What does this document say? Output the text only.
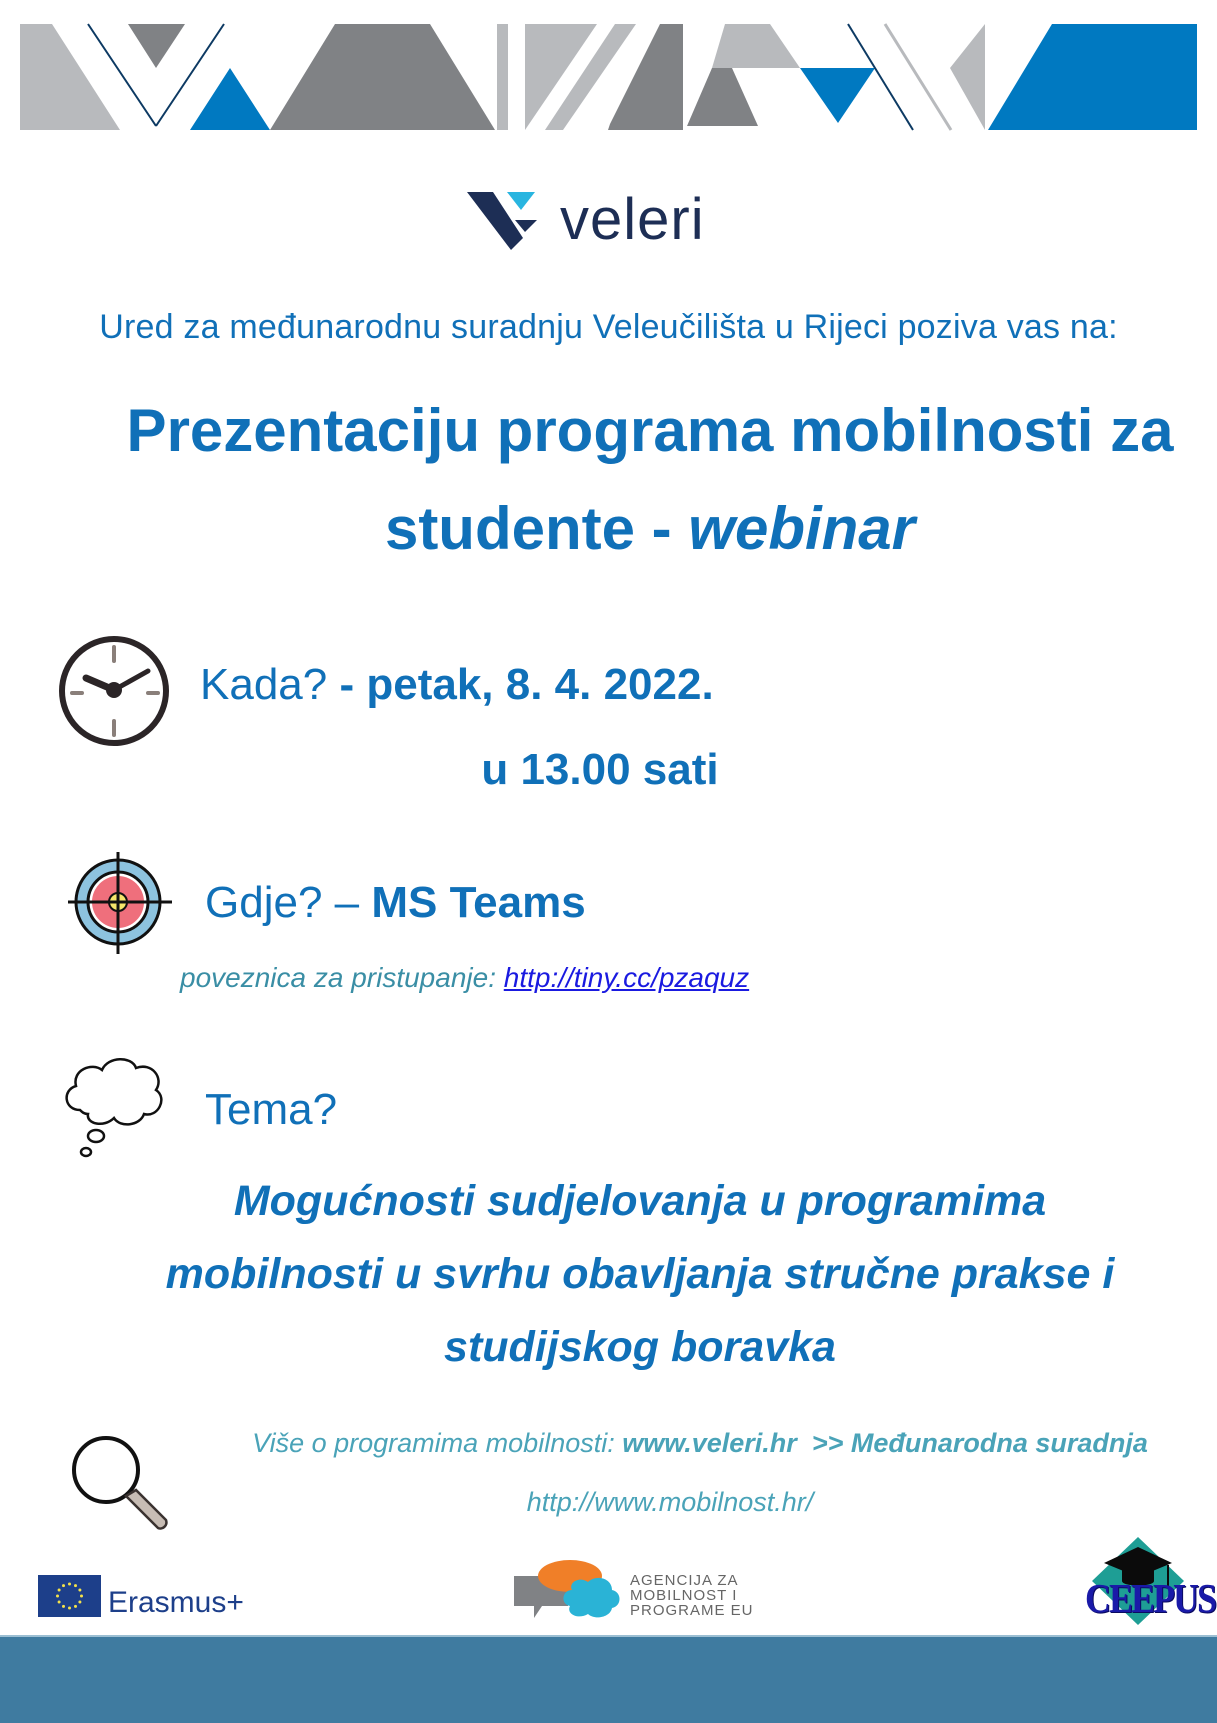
veleri
Ured za međunarodnu suradnju Veleučilišta u Rijeci poziva vas na:
Prezentaciju programa mobilnosti za
studente - webinar
Kada? - petak, 8. 4. 2022.
u 13.00 sati
Gdje? – MS Teams
poveznica za pristupanje: http://tiny.cc/pzaquz
Tema?
Mogućnosti sudjelovanja u programima
mobilnosti u svrhu obavljanja stručne prakse i
studijskog boravka
Više o programima mobilnosti: www.veleri.hr  >> Međunarodna suradnja
http://www.mobilnost.hr/
Erasmus+
AGENCIJA ZA
MOBILNOST I
PROGRAME EU	CEEPUS
